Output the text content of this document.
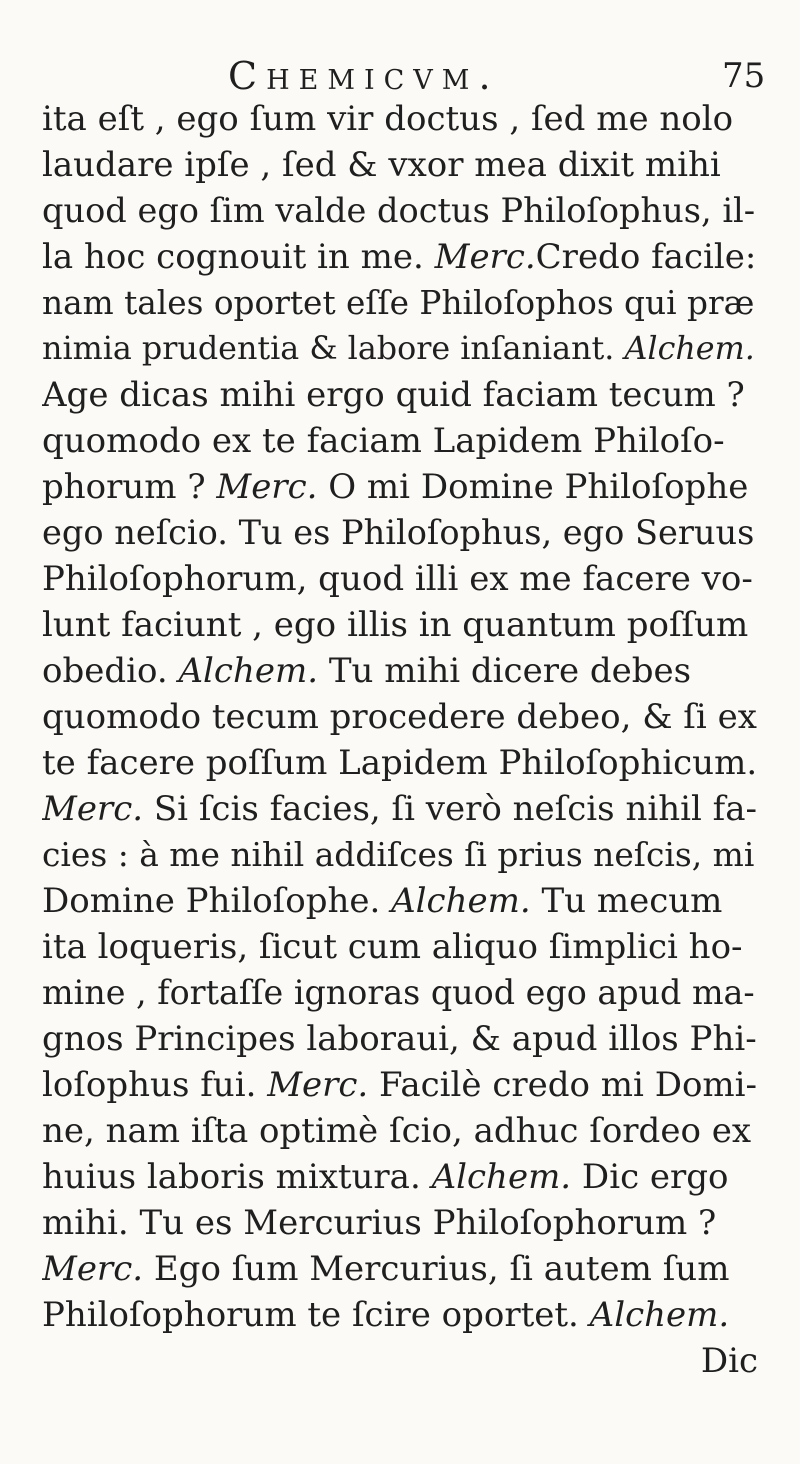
Chemicvm.	75
ita eſt , ego ſum vir doctus , ſed me nolo
laudare ipſe , ſed & vxor mea dixit mihi
quod ego ſim valde doctus Philoſophus, il-
la hoc cognouit in me. Merc.Credo facile:
nam tales oportet eſſe Philoſophos qui præ
nimia prudentia & labore inſaniant. Alchem.
Age dicas mihi ergo quid faciam tecum ?
quomodo ex te faciam Lapidem Philoſo-
phorum ? Merc. O mi Domine Philoſophe
ego neſcio. Tu es Philoſophus, ego Seruus
Philoſophorum, quod illi ex me facere vo-
lunt faciunt , ego illis in quantum poſſum
obedio. Alchem. Tu mihi dicere debes
quomodo tecum procedere debeo, & ſi ex
te facere poſſum Lapidem Philoſophicum.
Merc. Si ſcis facies, ſi verò neſcis nihil fa-
cies : à me nihil addiſces ſi prius neſcis, mi
Domine Philoſophe. Alchem. Tu mecum
ita loqueris, ſicut cum aliquo ſimplici ho-
mine , fortaſſe ignoras quod ego apud ma-
gnos Principes laboraui, & apud illos Phi-
loſophus fui. Merc. Facilè credo mi Domi-
ne, nam iſta optimè ſcio, adhuc ſordeo ex
huius laboris mixtura. Alchem. Dic ergo
mihi. Tu es Mercurius Philoſophorum ?
Merc. Ego ſum Mercurius, ſi autem ſum
Philoſophorum te ſcire oportet. Alchem.
Dic
